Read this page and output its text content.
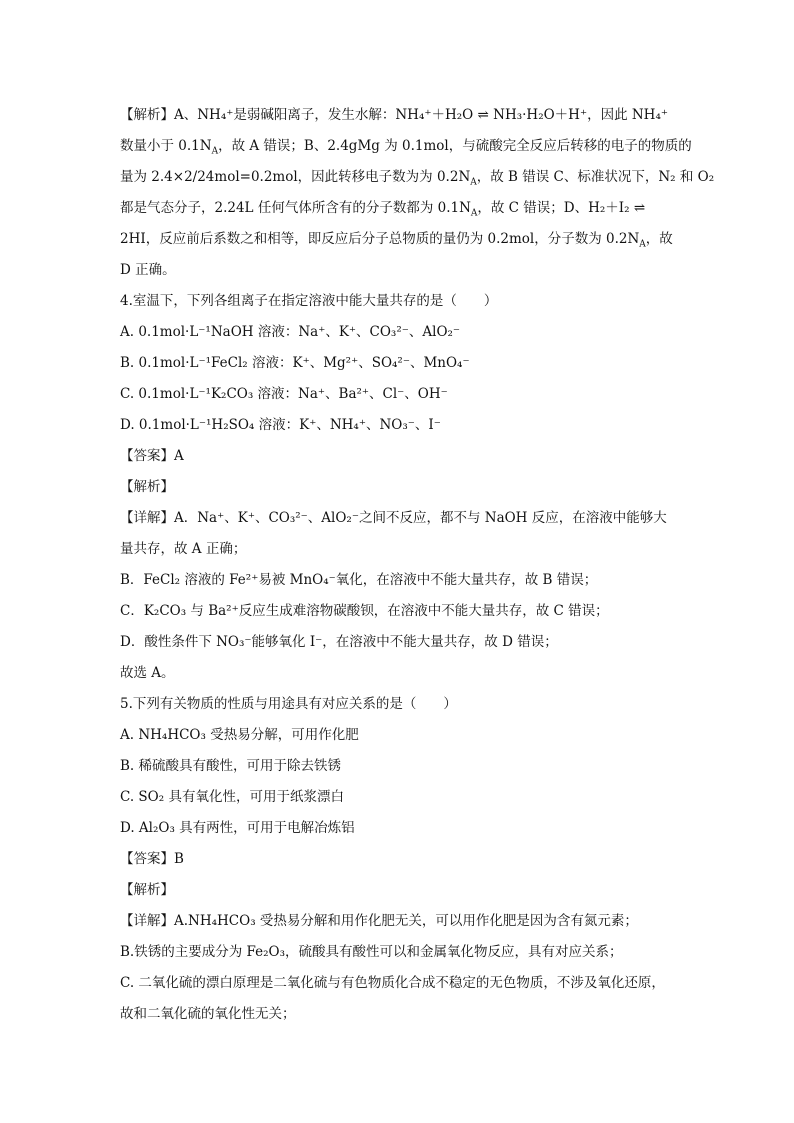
【解析】A、NH₄⁺是弱碱阳离子，发生水解：NH₄⁺＋H₂O ⇌ NH₃·H₂O＋H⁺，因此 NH₄⁺
数量小于 $0.1N_A$，故 A 错误；B、2.4gMg 为 0.1mol，与硫酸完全反应后转移的电子的物质的
量为 2.4×2/24mol=0.2mol，因此转移电子数为为 $0.2N_A$，故 B 错误 C、标准状况下，N₂ 和 O₂
都是气态分子，2.24L 任何气体所含有的分子数都为 $0.1N_A$，故 C 错误；D、H₂＋I₂ ⇌
2HI，反应前后系数之和相等，即反应后分子总物质的量仍为 0.2mol，分子数为 $0.2N_A$，故
D 正确。
4.室温下，下列各组离子在指定溶液中能大量共存的是（　　）
A. 0.1mol·L⁻¹NaOH 溶液：Na⁺、K⁺、CO₃²⁻、AlO₂⁻
B. 0.1mol·L⁻¹FeCl₂ 溶液：K⁺、Mg²⁺、SO₄²⁻、MnO₄⁻
C. 0.1mol·L⁻¹K₂CO₃ 溶液：Na⁺、Ba²⁺、Cl⁻、OH⁻
D. 0.1mol·L⁻¹H₂SO₄ 溶液：K⁺、NH₄⁺、NO₃⁻、I⁻
【答案】A
【解析】
【详解】A．Na⁺、K⁺、CO₃²⁻、AlO₂⁻之间不反应，都不与 NaOH 反应，在溶液中能够大
量共存，故 A 正确；
B．FeCl₂ 溶液的 Fe²⁺易被 MnO₄⁻氧化，在溶液中不能大量共存，故 B 错误；
C．K₂CO₃ 与 Ba²⁺反应生成难溶物碳酸钡，在溶液中不能大量共存，故 C 错误；
D．酸性条件下 NO₃⁻能够氧化 I⁻，在溶液中不能大量共存，故 D 错误；
故选 A。
5.下列有关物质的性质与用途具有对应关系的是（　　）
A. NH₄HCO₃ 受热易分解，可用作化肥
B. 稀硫酸具有酸性，可用于除去铁锈
C. SO₂ 具有氧化性，可用于纸浆漂白
D. Al₂O₃ 具有两性，可用于电解冶炼铝
【答案】B
【解析】
【详解】A.NH₄HCO₃ 受热易分解和用作化肥无关，可以用作化肥是因为含有氮元素；
B.铁锈的主要成分为 Fe₂O₃，硫酸具有酸性可以和金属氧化物反应，具有对应关系；
C. 二氧化硫的漂白原理是二氧化硫与有色物质化合成不稳定的无色物质，不涉及氧化还原，
故和二氧化硫的氧化性无关；
